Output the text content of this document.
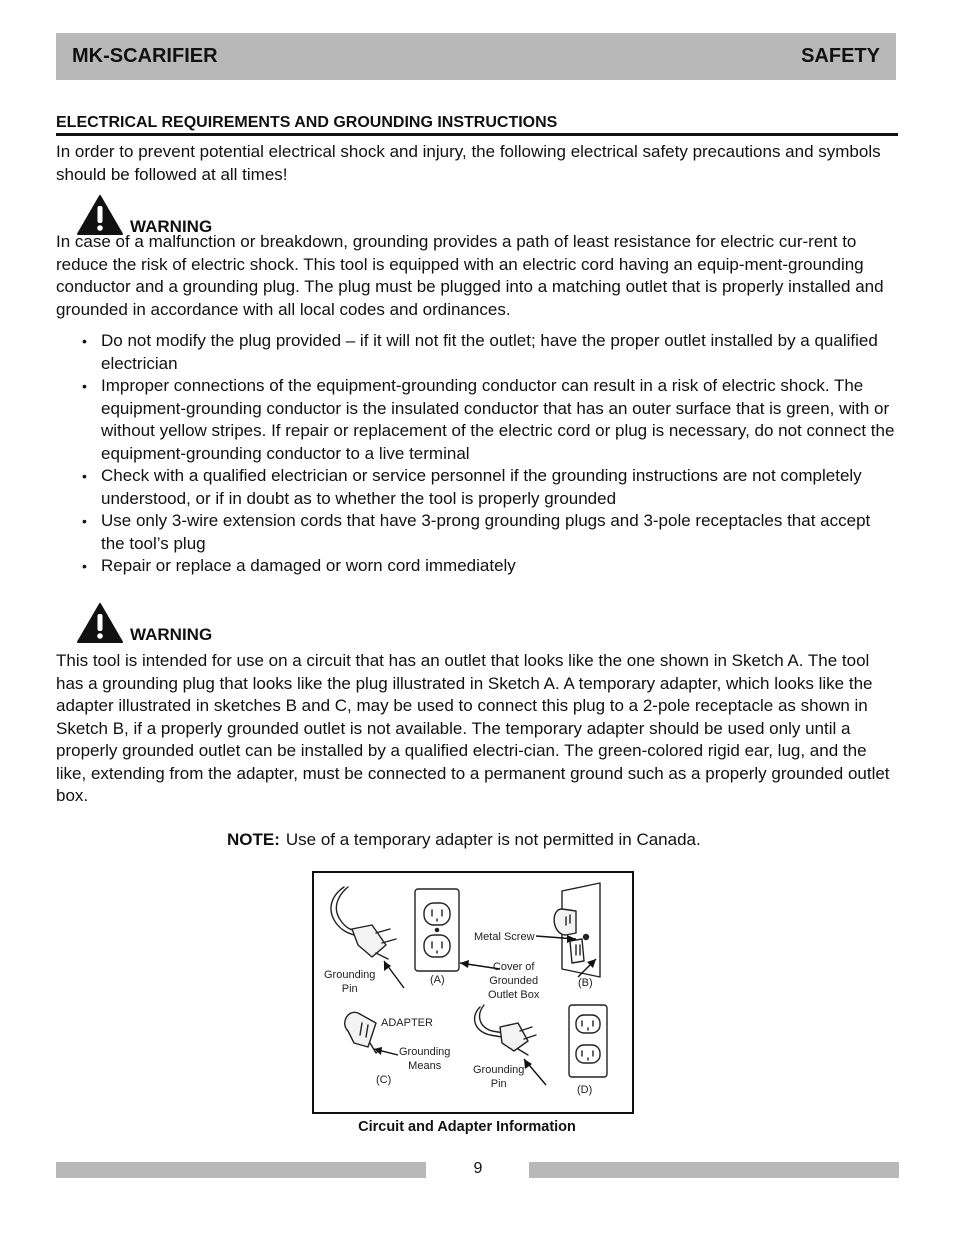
MK-SCARIFIER	SAFETY
ELECTRICAL REQUIREMENTS AND GROUNDING INSTRUCTIONS

In order to prevent potential electrical shock and injury, the following electrical safety precautions and symbols should be followed at all times!

WARNING

In case of a malfunction or breakdown, grounding provides a path of least resistance for electric cur-rent to reduce the risk of electric shock. This tool is equipped with an electric cord having an equip-ment-grounding conductor and a grounding plug. The plug must be plugged into a matching outlet that is properly installed and grounded in accordance with all local codes and ordinances.

• Do not modify the plug provided – if it will not fit the outlet; have the proper outlet installed by a qualified electrician
• Improper connections of the equipment-grounding conductor can result in a risk of electric shock. The equipment-grounding conductor is the insulated conductor that has an outer surface that is green, with or without yellow stripes. If repair or replacement of the electric cord or plug is necessary, do not connect the equipment-grounding conductor to a live terminal
• Check with a qualified electrician or service personnel if the grounding instructions are not completely understood, or if in doubt as to whether the tool is properly grounded
• Use only 3-wire extension cords that have 3-prong grounding plugs and 3-pole receptacles that accept the tool’s plug
• Repair or replace a damaged or worn cord immediately
WARNING

This tool is intended for use on a circuit that has an outlet that looks like the one shown in Sketch A. The tool has a grounding plug that looks like the plug illustrated in Sketch A. A temporary adapter, which looks like the adapter illustrated in sketches B and C, may be used to connect this plug to a 2-pole receptacle as shown in Sketch B, if a properly grounded outlet is not available. The temporary adapter should be used only until a properly grounded outlet can be installed by a qualified electri-cian. The green-colored rigid ear, lug, and the like, extending from the adapter, must be connected to a permanent ground such as a properly grounded outlet box.

NOTE: Use of a temporary adapter is not permitted in Canada.
Grounding
Pin
(A)
Metal Screw
Cover of
Grounded
Outlet Box
(B)
ADAPTER
Grounding
Means
(C)
Grounding
Pin	(D)
Circuit and Adapter Information
9
